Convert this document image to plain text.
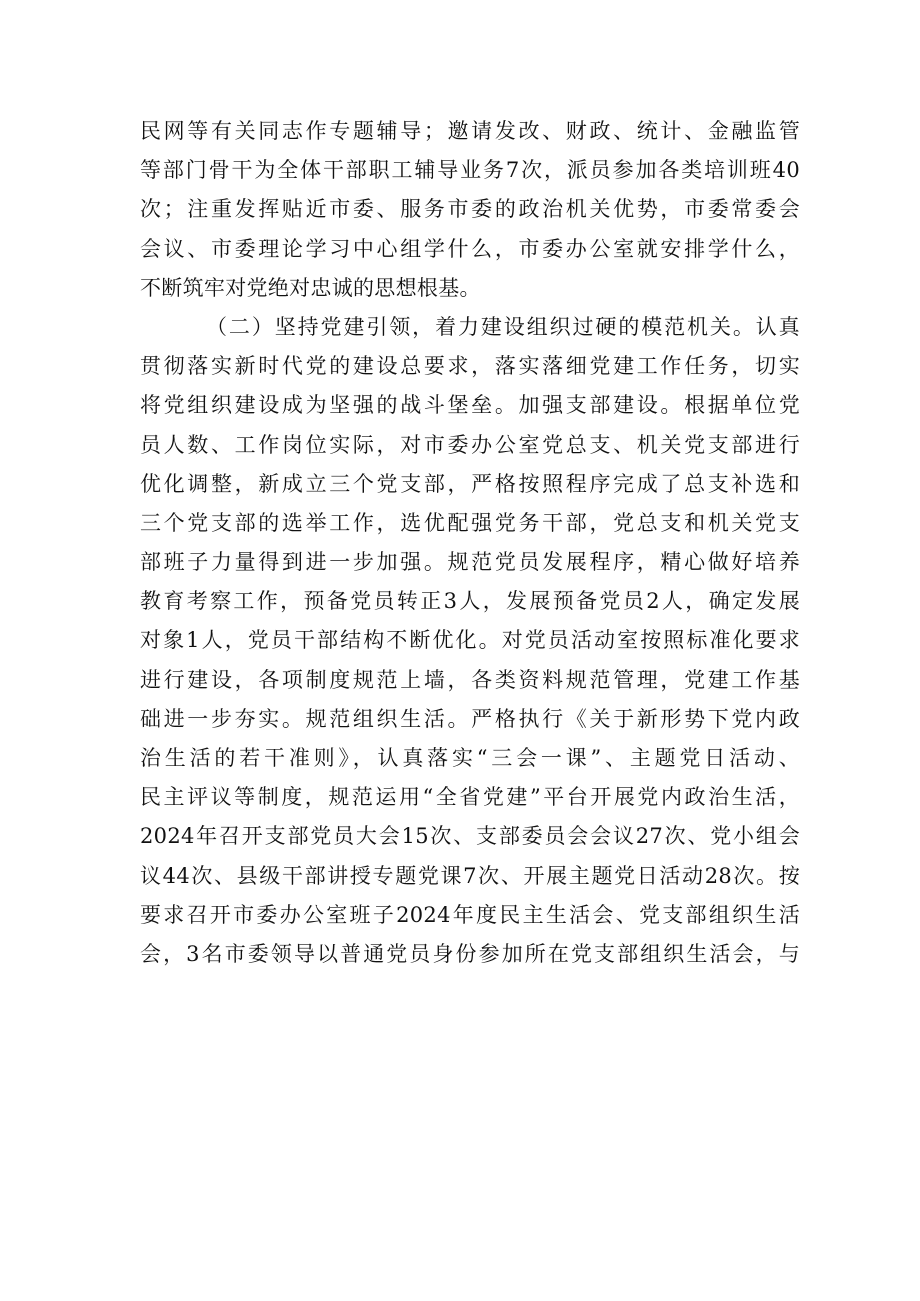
民网等有关同志作专题辅导；邀请发改、财政、统计、金融监管
等部门骨干为全体干部职工辅导业务7次，派员参加各类培训班40
次；注重发挥贴近市委、服务市委的政治机关优势，市委常委会
会议、市委理论学习中心组学什么，市委办公室就安排学什么，
不断筑牢对党绝对忠诚的思想根基。
（二）坚持党建引领，着力建设组织过硬的模范机关。认真
贯彻落实新时代党的建设总要求，落实落细党建工作任务，切实
将党组织建设成为坚强的战斗堡垒。加强支部建设。根据单位党
员人数、工作岗位实际，对市委办公室党总支、机关党支部进行
优化调整，新成立三个党支部，严格按照程序完成了总支补选和
三个党支部的选举工作，选优配强党务干部，党总支和机关党支
部班子力量得到进一步加强。规范党员发展程序，精心做好培养
教育考察工作，预备党员转正3人，发展预备党员2人，确定发展
对象1人，党员干部结构不断优化。对党员活动室按照标准化要求
进行建设，各项制度规范上墙，各类资料规范管理，党建工作基
础进一步夯实。规范组织生活。严格执行《关于新形势下党内政
治生活的若干准则》，认真落实“三会一课”、主题党日活动、
民主评议等制度，规范运用“全省党建”平台开展党内政治生活，
2024年召开支部党员大会15次、支部委员会会议27次、党小组会
议44次、县级干部讲授专题党课7次、开展主题党日活动28次。按
要求召开市委办公室班子2024年度民主生活会、党支部组织生活
会，3名市委领导以普通党员身份参加所在党支部组织生活会，与
